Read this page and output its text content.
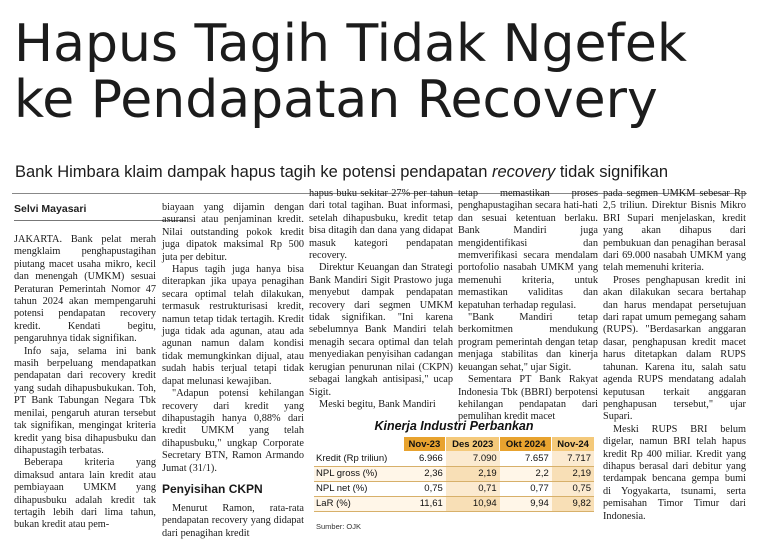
Hapus Tagih Tidak Ngefek
ke Pendapatan Recovery
Bank Himbara klaim dampak hapus tagih ke potensi pendapatan recovery tidak signifikan
Selvi Mayasari

JAKARTA. Bank pelat merah mengklaim penghapustagihan piutang macet usaha mikro, kecil dan menengah (UMKM) sesuai Peraturan Pemerintah Nomor 47 tahun 2024 akan mempengaruhi potensi pendapatan recovery kredit. Kendati begitu, pengaruhnya tidak signifikan.

Info saja, selama ini bank masih berpeluang mendapatkan pendapatan dari recovery kredit yang sudah dihapusbukukan. Toh, PT Bank Tabungan Negara Tbk menilai, pengaruh aturan tersebut tak signifikan, mengingat kriteria kredit yang bisa dihapusbuku dan dihapustagih terbatas.

Beberapa kriteria yang dimaksud antara lain kredit atau pembiayaan UMKM yang dihapusbuku adalah kredit tak tertagih lebih dari lima tahun, bukan kredit atau pem-

biayaan yang dijamin dengan asuransi atau penjaminan kredit. Nilai outstanding pokok kredit juga dipatok maksimal Rp 500 juta per debitur.

Hapus tagih juga hanya bisa diterapkan jika upaya penagihan secara optimal telah dilakukan, termasuk restrukturisasi kredit, namun tetap tidak tertagih. Kredit juga tidak ada agunan, atau ada agunan namun dalam kondisi tidak memungkinkan dijual, atau sudah habis terjual tetapi tidak dapat melunasi kewajiban.

"Adapun potensi kehilangan recovery dari kredit yang dihapustagih hanya 0,88% dari kredit UMKM yang telah dihapusbuku," ungkap Corporate Secretary BTN, Ramon Armando Jumat (31/1).

Penyisihan CKPN

Menurut Ramon, rata-rata pendapatan recovery yang didapat dari penagihan kredit

hapus buku sekitar 27% per tahun dari total tagihan. Buat informasi, setelah dihapusbuku, kredit tetap bisa ditagih dan dana yang didapat masuk kategori pendapatan recovery.

Direktur Keuangan dan Strategi Bank Mandiri Sigit Prastowo juga menyebut dampak pendapatan recovery dari segmen UMKM tidak signifikan. "Ini karena sebelumnya Bank Mandiri telah menagih secara optimal dan telah menyediakan penyisihan cadangan kerugian penurunan nilai (CKPN) sebagai langkah antisipasi," ucap Sigit.

Meski begitu, Bank Mandiri

tetap memastikan proses penghapustagihan secara hati-hati dan sesuai ketentuan berlaku. Bank Mandiri juga mengidentifikasi dan memverifikasi secara mendalam portofolio nasabah UMKM yang memenuhi kriteria, untuk memastikan validitas dan kepatuhan terhadap regulasi.

"Bank Mandiri tetap berkomitmen mendukung program pemerintah dengan tetap menjaga stabilitas dan kinerja keuangan sehat," ujar Sigit.

Sementara PT Bank Rakyat Indonesia Tbk (BBRI) berpotensi kehilangan pendapatan dari pemulihan kredit macet

pada segmen UMKM sebesar Rp 2,5 triliun. Direktur Bisnis Mikro BRI Supari menjelaskan, kredit yang akan dihapus dari pembukuan dan penagihan berasal dari 69.000 nasabah UMKM yang telah memenuhi kriteria.

Proses penghapusan kredit ini akan dilakukan secara bertahap dan harus mendapat persetujuan dari rapat umum pemegang saham (RUPS). "Berdasarkan anggaran dasar, penghapusan kredit macet harus ditetapkan dalam RUPS tahunan. Karena itu, salah satu agenda RUPS mendatang adalah keputusan terkait anggaran penghapusan tersebut," ujar Supari.

Meski RUPS BRI belum digelar, namun BRI telah hapus kredit Rp 400 miliar. Kredit yang dihapus berasal dari debitur yang terdampak bencana gempa bumi di Yogyakarta, tsunami, serta pemisahan Timor Timur dari Indonesia.

Kinerja Industri Perbankan
	Nov-23	Des 2023	Okt 2024	Nov-24
Kredit (Rp triliun)	6.966	7.090	7.657	7.717
NPL gross (%)	2,36	2,19	2,2	2,19
NPL net (%)	0,75	0,71	0,77	0,75
LaR (%)	11,61	10,94	9,94	9,82
Sumber: OJK
